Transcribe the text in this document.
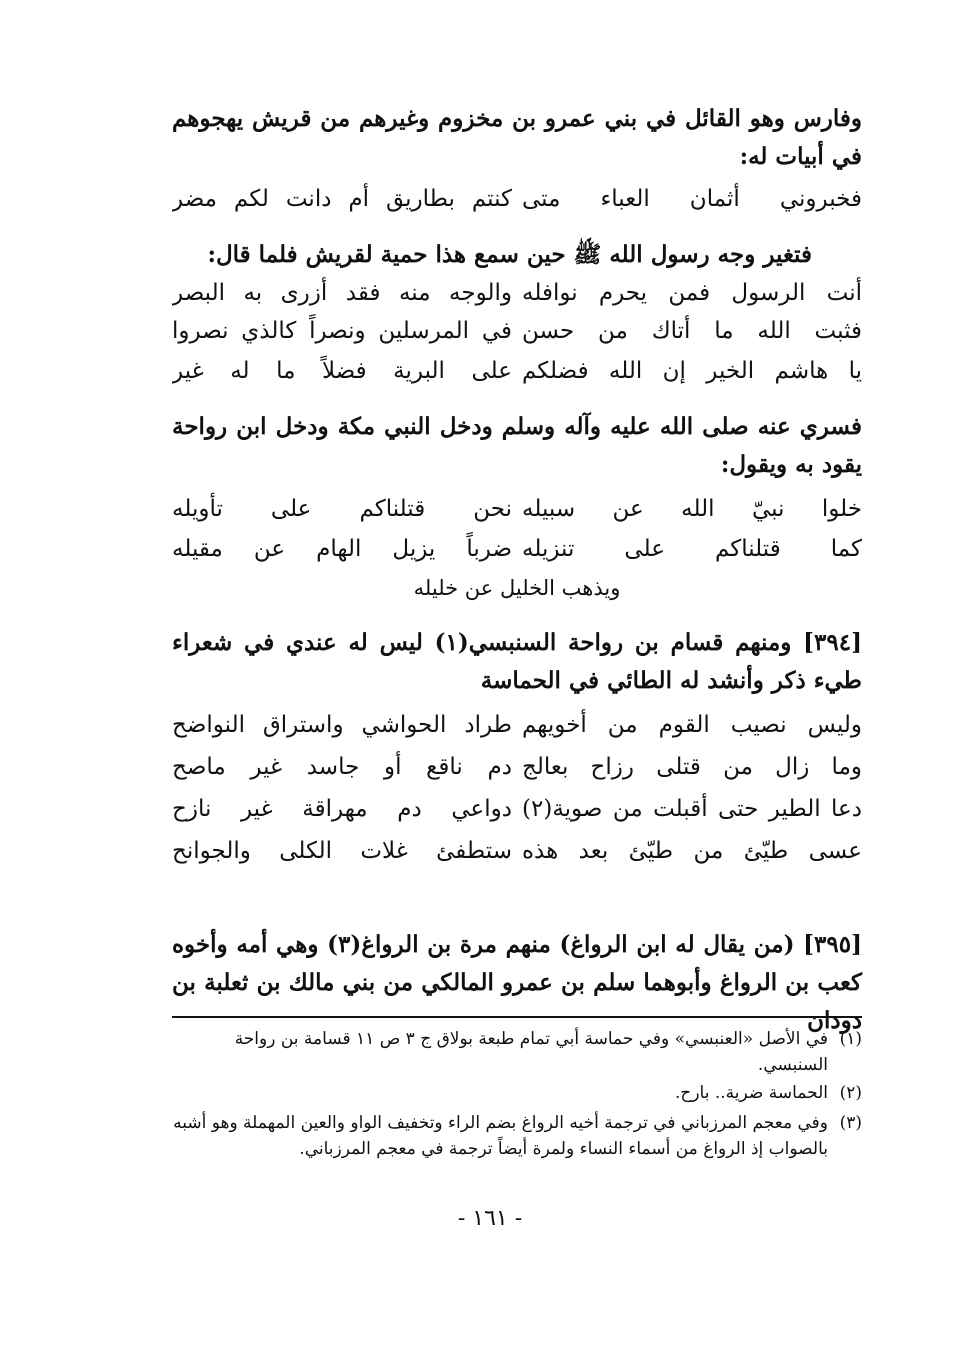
وفارس وهو القائل في بني عمرو بن مخزوم وغيرهم من قريش يهجوهم في أبيات له:
فخبروني أثمان العباء متى
كنتم بطاريق أم دانت لكم مضر
فتغير وجه رسول الله ﷺ حين سمع هذا حمية لقريش فلما قال:
أنت الرسول فمن يحرم نوافله
والوجه منه فقد أزرى به البصر
فثبت الله ما أتاك من حسن
في المرسلين ونصراً كالذي نصروا
يا هاشم الخير إن الله فضلكم
على البرية فضلاً ما له غير
فسري عنه صلى الله عليه وآله وسلم ودخل النبي مكة ودخل ابن رواحة يقود به ويقول:
خلوا نبيّ الله عن سبيله
نحن قتلناكم على تأويله
كما قتلناكم على تنزيله
ضرباً يزيل الهام عن مقيله
ويذهب الخليل عن خليله
[٣٩٤] ومنهم قسام بن رواحة السنبسي(١) ليس له عندي في شعراء طيء ذكر وأنشد له الطائي في الحماسة
وليس نصيب القوم من أخويهم
طراد الحواشي واستراق النواضح
وما زال من قتلى رزاح بعالج
دم ناقع أو جاسد غير ماصح
دعا الطير حتى أقبلت من صوية(٢)
دواعي دم مهراقة غير نازح
عسى طيّئ من طيّئ بعد هذه
ستطفئ غلات الكلى والجوانح
[٣٩٥] (من يقال له ابن الرواغ) منهم مرة بن الرواغ(٣) وهي أمه وأخوه كعب بن الرواغ وأبوهما سلم بن عمرو المالكي من بني مالك بن ثعلبة بن دودان
(١)في الأصل «العنبسي» وفي حماسة أبي تمام طبعة بولاق ج ٣ ص ١١ قسامة بن رواحة
السنبسي.
(٢)الحماسة ضرية.. بارح.
(٣)وفي معجم المرزباني في ترجمة أخيه الرواغ بضم الراء وتخفيف الواو والعين المهملة وهو أشبه
بالصواب إذ الرواغ من أسماء النساء ولمرة أيضاً ترجمة في معجم المرزباني.
- ١٦١ -
